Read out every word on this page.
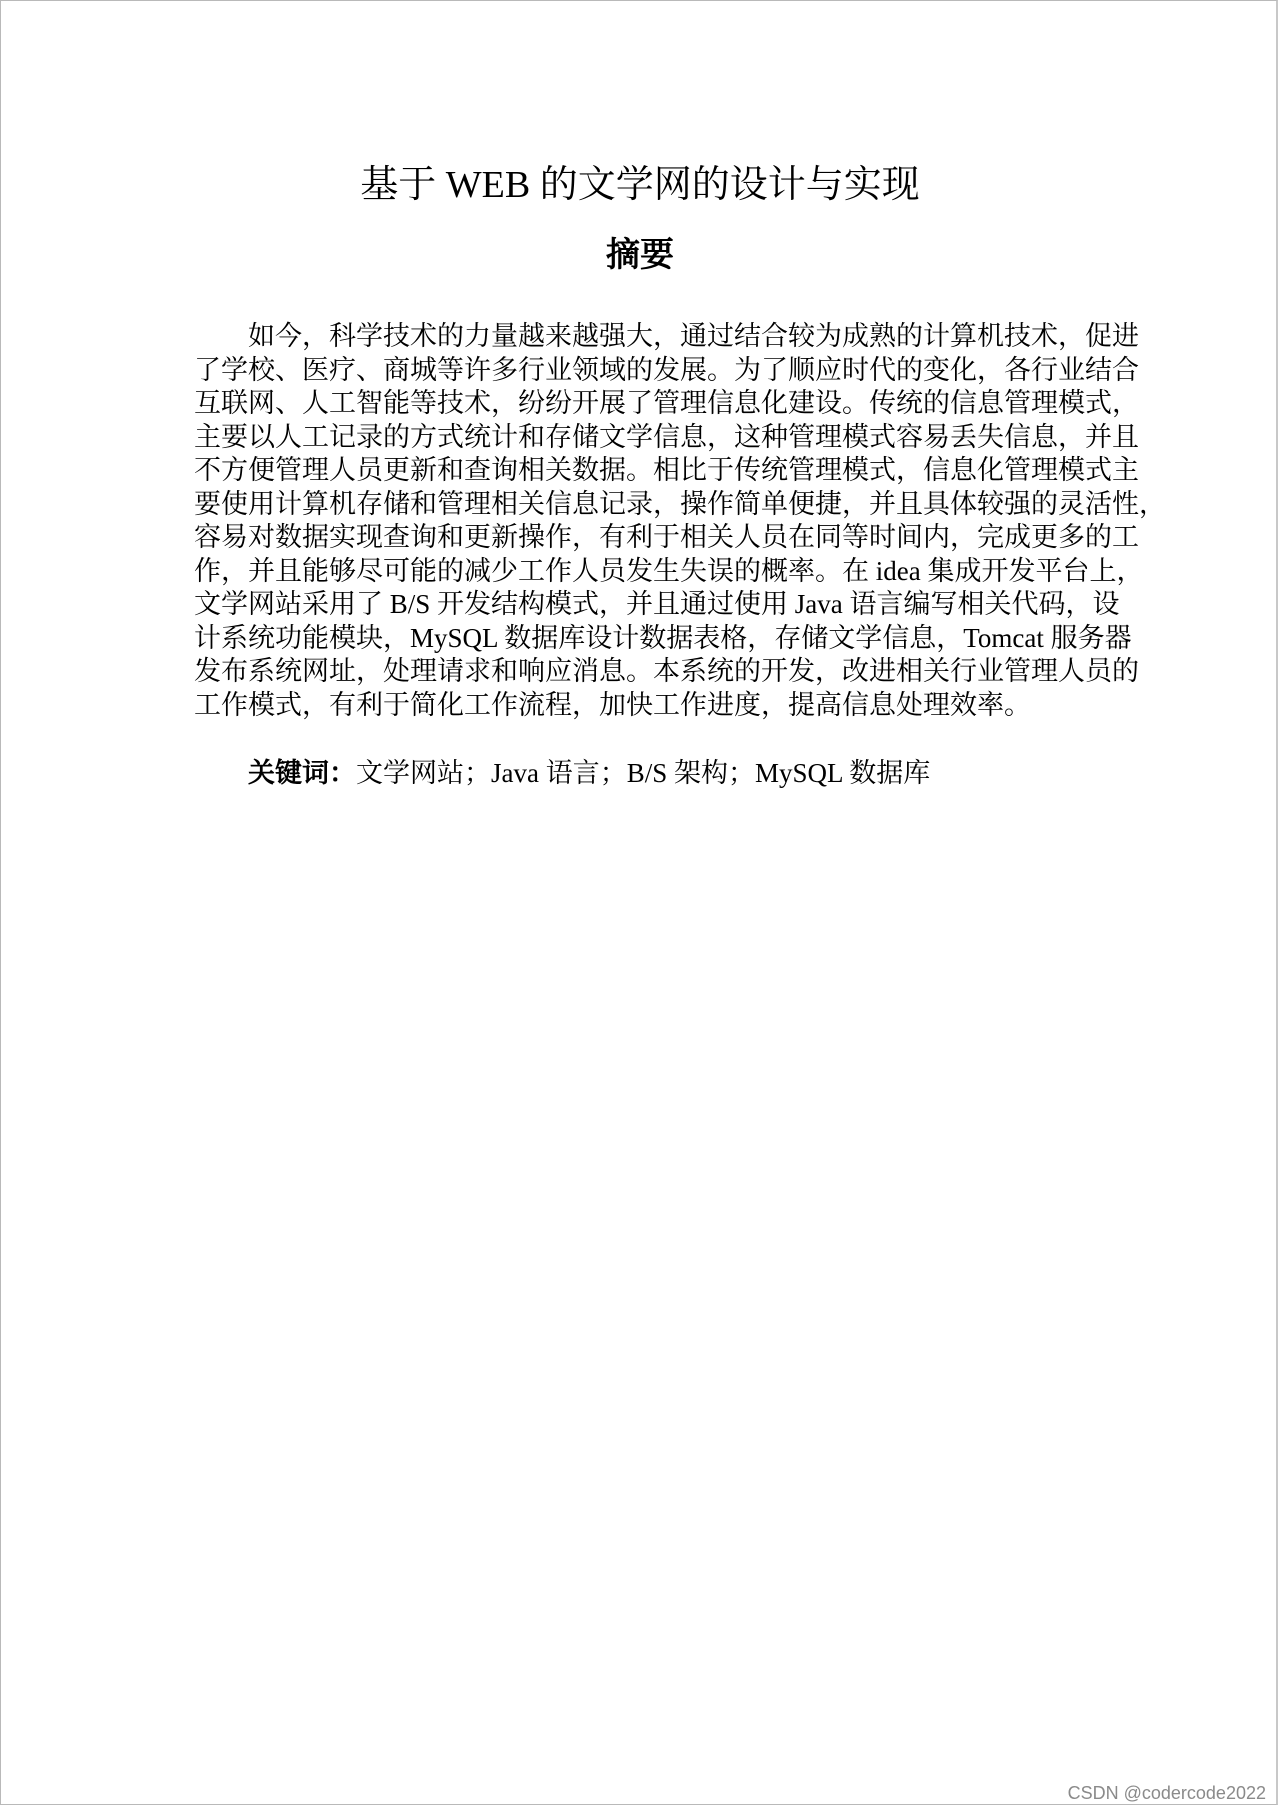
基于 WEB 的文学网的设计与实现
摘要
如今，科学技术的力量越来越强大，通过结合较为成熟的计算机技术，促进
了学校、医疗、商城等许多行业领域的发展。为了顺应时代的变化，各行业结合
互联网、人工智能等技术，纷纷开展了管理信息化建设。传统的信息管理模式，
主要以人工记录的方式统计和存储文学信息，这种管理模式容易丢失信息，并且
不方便管理人员更新和查询相关数据。相比于传统管理模式，信息化管理模式主
要使用计算机存储和管理相关信息记录，操作简单便捷，并且具体较强的灵活性，
容易对数据实现查询和更新操作，有利于相关人员在同等时间内，完成更多的工
作，并且能够尽可能的减少工作人员发生失误的概率。在 idea 集成开发平台上，
文学网站采用了 B/S 开发结构模式，并且通过使用 Java 语言编写相关代码，设
计系统功能模块，MySQL 数据库设计数据表格，存储文学信息，Tomcat 服务器
发布系统网址，处理请求和响应消息。本系统的开发，改进相关行业管理人员的
工作模式，有利于简化工作流程，加快工作进度，提高信息处理效率。
关键词：文学网站；Java 语言；B/S 架构；MySQL 数据库
CSDN @codercode2022
